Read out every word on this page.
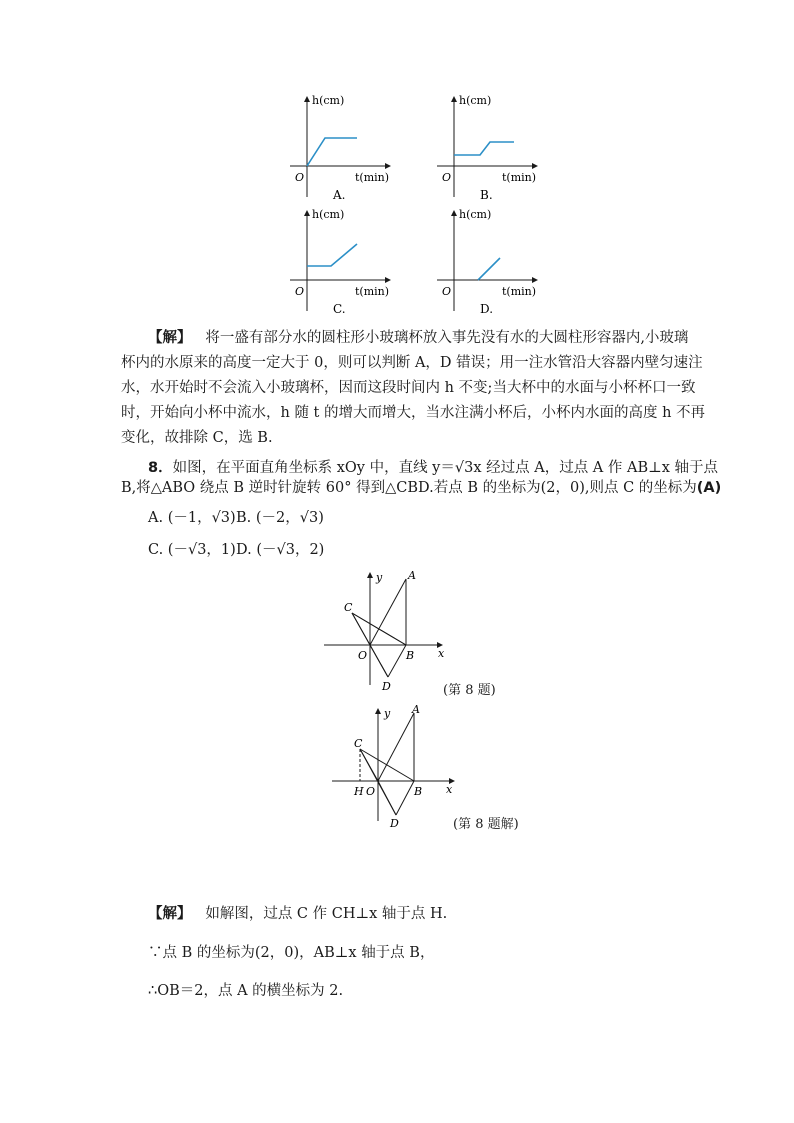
h(cm)
t(min)
O
A.
h(cm)
t(min)
O
B.
h(cm)
t(min)
O
C.
h(cm)
t(min)
O
D.
【解】 将一盛有部分水的圆柱形小玻璃杯放入事先没有水的大圆柱形容器内,小玻璃
杯内的水原来的高度一定大于 0，则可以判断 A，D 错误；用一注水管沿大容器内壁匀速注
水，水开始时不会流入小玻璃杯，因而这段时间内 h 不变;当大杯中的水面与小杯杯口一致
时，开始向小杯中流水，h 随 t 的增大而增大，当水注满小杯后，小杯内水面的高度 h 不再
变化，故排除 C，选 B.
8．如图，在平面直角坐标系 xOy 中，直线 y＝√3x 经过点 A，过点 A 作 AB⊥x 轴于点
B,将△ABO 绕点 B 逆时针旋转 60° 得到△CBD.若点 B 的坐标为(2，0),则点 C 的坐标为(A)
A. (－1，√3) B. (－2，√3)
C. (－√3，1) D. (－√3，2)
A
B
C
D
O	x
y
(第 8 题)
A
B
C
D
H O	x
y
(第 8 题解)
【解】 如解图，过点 C 作 CH⊥x 轴于点 H.
∵点 B 的坐标为(2，0)，AB⊥x 轴于点 B，
∴OB＝2，点 A 的横坐标为 2.
